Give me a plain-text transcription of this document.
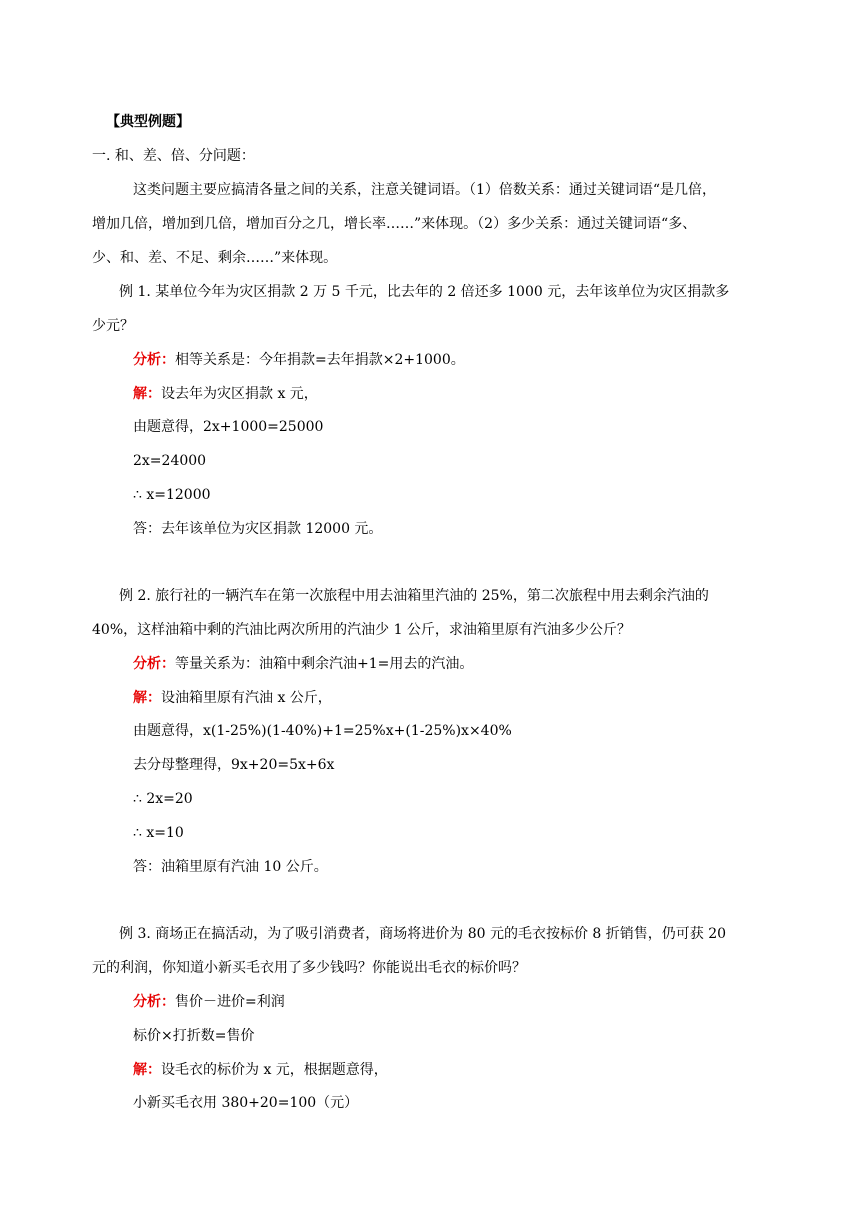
【典型例题】
一. 和、差、倍、分问题：
这类问题主要应搞清各量之间的关系，注意关键词语。（1）倍数关系：通过关键词语“是几倍，
增加几倍，增加到几倍，增加百分之几，增长率……”来体现。（2）多少关系：通过关键词语“多、
少、和、差、不足、剩余……”来体现。
例 1. 某单位今年为灾区捐款 2 万 5 千元，比去年的 2 倍还多 1000 元，去年该单位为灾区捐款多
少元？
分析：相等关系是：今年捐款=去年捐款×2+1000。
解：设去年为灾区捐款 x 元，
由题意得，2x+1000=25000
2x=24000
∴ x=12000
答：去年该单位为灾区捐款 12000 元。
例 2. 旅行社的一辆汽车在第一次旅程中用去油箱里汽油的 25%，第二次旅程中用去剩余汽油的
40%，这样油箱中剩的汽油比两次所用的汽油少 1 公斤，求油箱里原有汽油多少公斤？
分析：等量关系为：油箱中剩余汽油+1=用去的汽油。
解：设油箱里原有汽油 x 公斤，
由题意得，x(1-25%)(1-40%)+1=25%x+(1-25%)x×40%
去分母整理得，9x+20=5x+6x
∴ 2x=20
∴ x=10
答：油箱里原有汽油 10 公斤。
例 3. 商场正在搞活动，为了吸引消费者，商场将进价为 80 元的毛衣按标价 8 折销售，仍可获 20
元的利润，你知道小新买毛衣用了多少钱吗？你能说出毛衣的标价吗？
分析：售价－进价=利润
标价×打折数=售价
解：设毛衣的标价为 x 元，根据题意得，
小新买毛衣用 380+20=100（元）
